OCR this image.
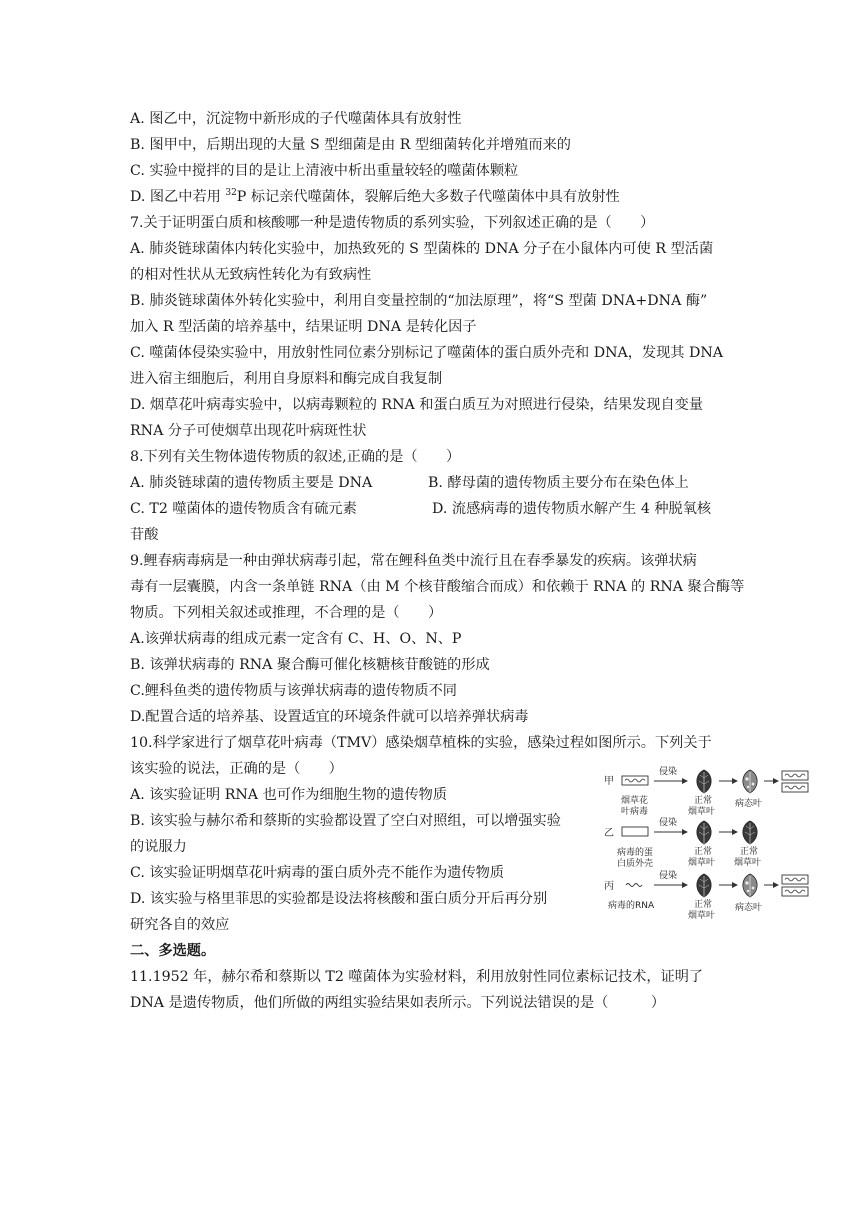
A. 图乙中，沉淀物中新形成的子代噬菌体具有放射性
B. 图甲中，后期出现的大量 S 型细菌是由 R 型细菌转化并增殖而来的
C. 实验中搅拌的目的是让上清液中析出重量较轻的噬菌体颗粒
D. 图乙中若用 $^{32}$P 标记亲代噬菌体，裂解后绝大多数子代噬菌体中具有放射性
7.关于证明蛋白质和核酸哪一种是遗传物质的系列实验，下列叙述正确的是（　　）
A. 肺炎链球菌体内转化实验中，加热致死的 S 型菌株的 DNA 分子在小鼠体内可使 R 型活菌
的相对性状从无致病性转化为有致病性
B. 肺炎链球菌体外转化实验中，利用自变量控制的“加法原理”，将“S 型菌 DNA+DNA 酶”
加入 R 型活菌的培养基中，结果证明 DNA 是转化因子
C. 噬菌体侵染实验中，用放射性同位素分别标记了噬菌体的蛋白质外壳和 DNA，发现其 DNA
进入宿主细胞后，利用自身原料和酶完成自我复制
D. 烟草花叶病毒实验中，以病毒颗粒的 RNA 和蛋白质互为对照进行侵染，结果发现自变量
RNA 分子可使烟草出现花叶病斑性状
8.下列有关生物体遗传物质的叙述,正确的是（　　）
A. 肺炎链球菌的遗传物质主要是 DNA	B. 酵母菌的遗传物质主要分布在染色体上
C. T2 噬菌体的遗传物质含有硫元素	D. 流感病毒的遗传物质水解产生 4 种脱氧核
苷酸
9.鲤春病毒病是一种由弹状病毒引起，常在鲤科鱼类中流行且在春季暴发的疾病。该弹状病
毒有一层囊膜，内含一条单链 RNA（由 M 个核苷酸缩合而成）和依赖于 RNA 的 RNA 聚合酶等
物质。下列相关叙述或推理，不合理的是（　　）
A.该弹状病毒的组成元素一定含有 C、H、O、N、P
B. 该弹状病毒的 RNA 聚合酶可催化核糖核苷酸链的形成
C.鲤科鱼类的遗传物质与该弹状病毒的遗传物质不同
D.配置合适的培养基、设置适宜的环境条件就可以培养弹状病毒
10.科学家进行了烟草花叶病毒（TMV）感染烟草植株的实验，感染过程如图所示。下列关于
该实验的说法，正确的是（　　）
A. 该实验证明 RNA 也可作为细胞生物的遗传物质
B. 该实验与赫尔希和蔡斯的实验都设置了空白对照组，可以增强实验
的说服力
C. 该实验证明烟草花叶病毒的蛋白质外壳不能作为遗传物质
D. 该实验与格里菲思的实验都是设法将核酸和蛋白质分开后再分别
研究各自的效应
二、多选题。
11.1952 年，赫尔希和蔡斯以 T2 噬菌体为实验材料，利用放射性同位素标记技术，证明了
DNA 是遗传物质，他们所做的两组实验结果如表所示。下列说法错误的是（　　　）
甲
烟草花
叶病毒
侵染
正常
烟草叶
病态叶
乙
病毒的蛋
白质外壳
侵染
正常
烟草叶
正常
烟草叶
丙
病毒的RNA
侵染
正常
烟草叶
病态叶
